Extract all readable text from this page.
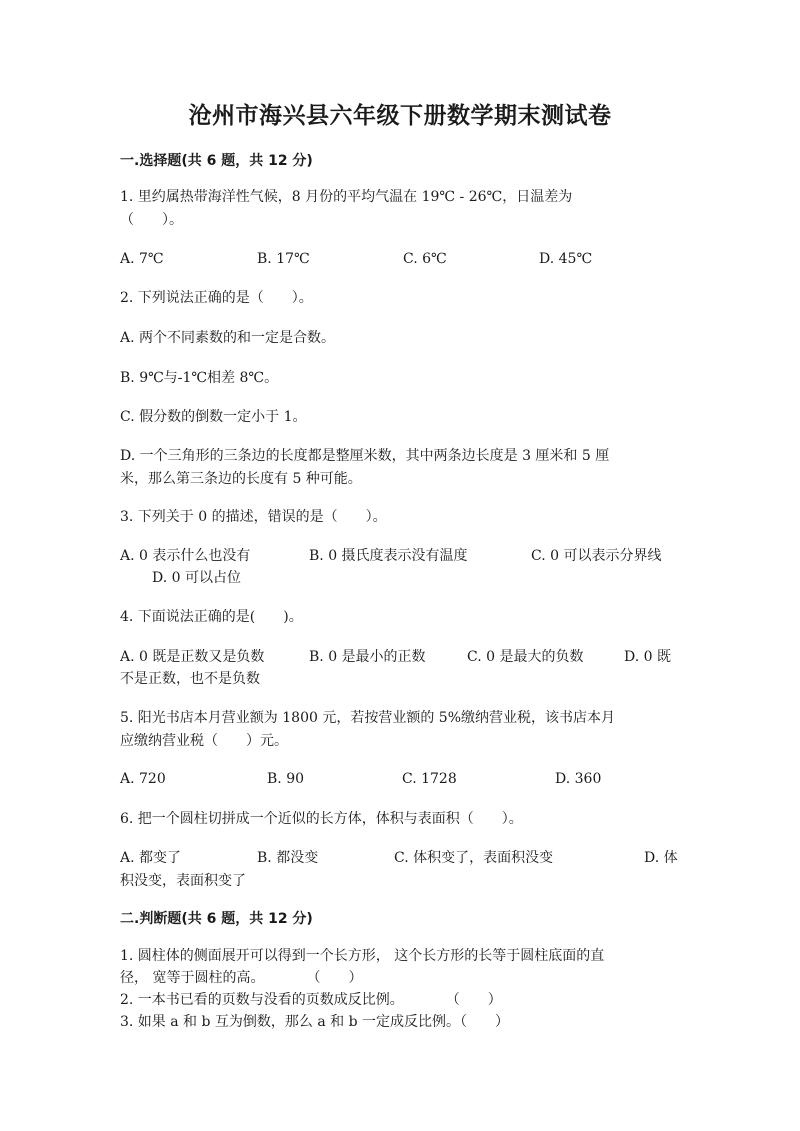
沧州市海兴县六年级下册数学期末测试卷
一.选择题(共 6 题，共 12 分)
1. 里约属热带海洋性气候，8 月份的平均气温在 19℃ - 26℃，日温差为
（　　）。
A. 7℃	B. 17℃	C. 6℃	D. 45℃
2. 下列说法正确的是（　　）。
A. 两个不同素数的和一定是合数。
B. 9℃与-1℃相差 8℃。
C. 假分数的倒数一定小于 1。
D. 一个三角形的三条边的长度都是整厘米数，其中两条边长度是 3 厘米和 5 厘
米，那么第三条边的长度有 5 种可能。
3. 下列关于 0 的描述，错误的是（　　）。
A. 0 表示什么也没有	B. 0 摄氏度表示没有温度	C. 0 可以表示分界线
D. 0 可以占位
4. 下面说法正确的是(　　)。
A. 0 既是正数又是负数	B. 0 是最小的正数	C. 0 是最大的负数	D. 0 既
不是正数，也不是负数
5. 阳光书店本月营业额为 1800 元，若按营业额的 5%缴纳营业税，该书店本月
应缴纳营业税（　　）元。
A. 720	B. 90	C. 1728	D. 360
6. 把一个圆柱切拼成一个近似的长方体，体积与表面积（　　）。
A. 都变了	B. 都没变	C. 体积变了，表面积没变	D. 体
积没变，表面积变了
二.判断题(共 6 题，共 12 分)
1. 圆柱体的侧面展开可以得到一个长方形， 这个长方形的长等于圆柱底面的直
径， 宽等于圆柱的高。　　　　（　　）
2. 一本书已看的页数与没看的页数成反比例。　　　　（　　）
3. 如果 a 和 b 互为倒数，那么 a 和 b 一定成反比例。（　　）
